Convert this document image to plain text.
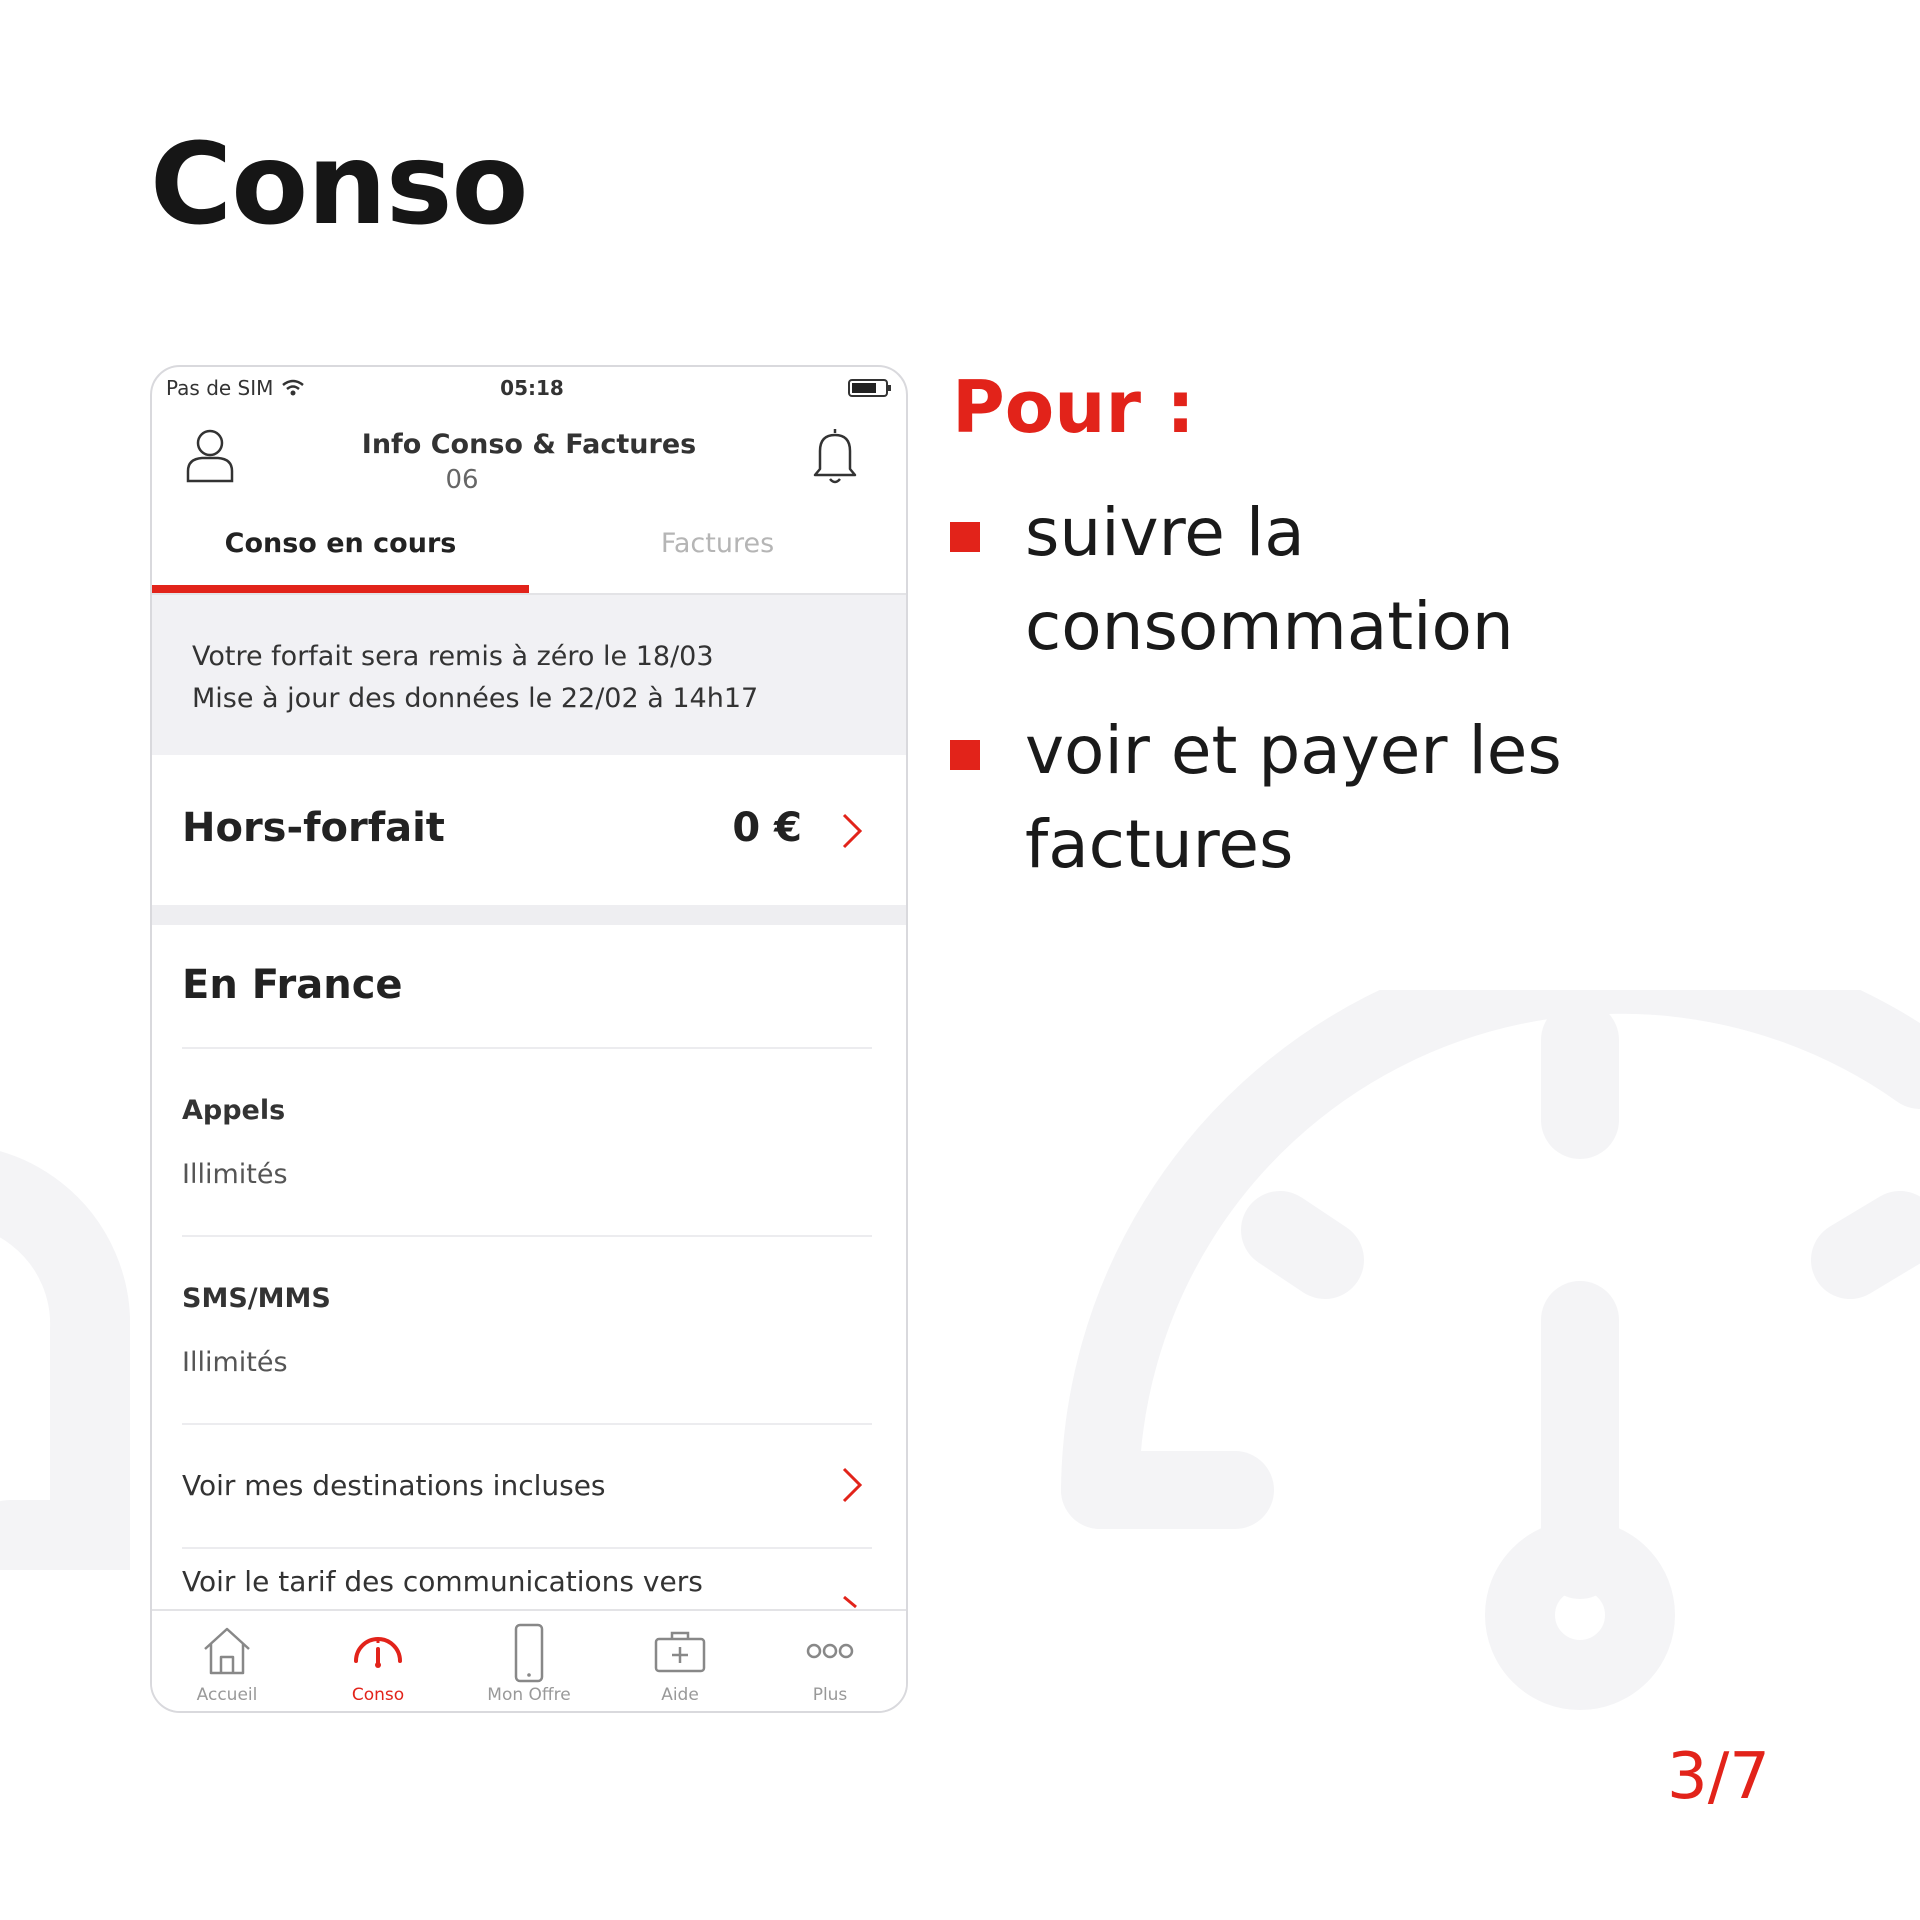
Conso
Pas de SIM	05:18
Info Conso & Factures
06
Conso en cours	Factures
Votre forfait sera remis à zéro le 18/03
Mise à jour des données le 22/02 à 14h17
Hors-forfait	0 €
En France
Appels
Illimités
SMS/MMS
Illimités
Voir mes destinations incluses
Voir le tarif des communications vers
Accueil	Conso	Mon Offre	Aide	Plus
Pour :
suivre la consommation
voir et payer les factures
3/7
